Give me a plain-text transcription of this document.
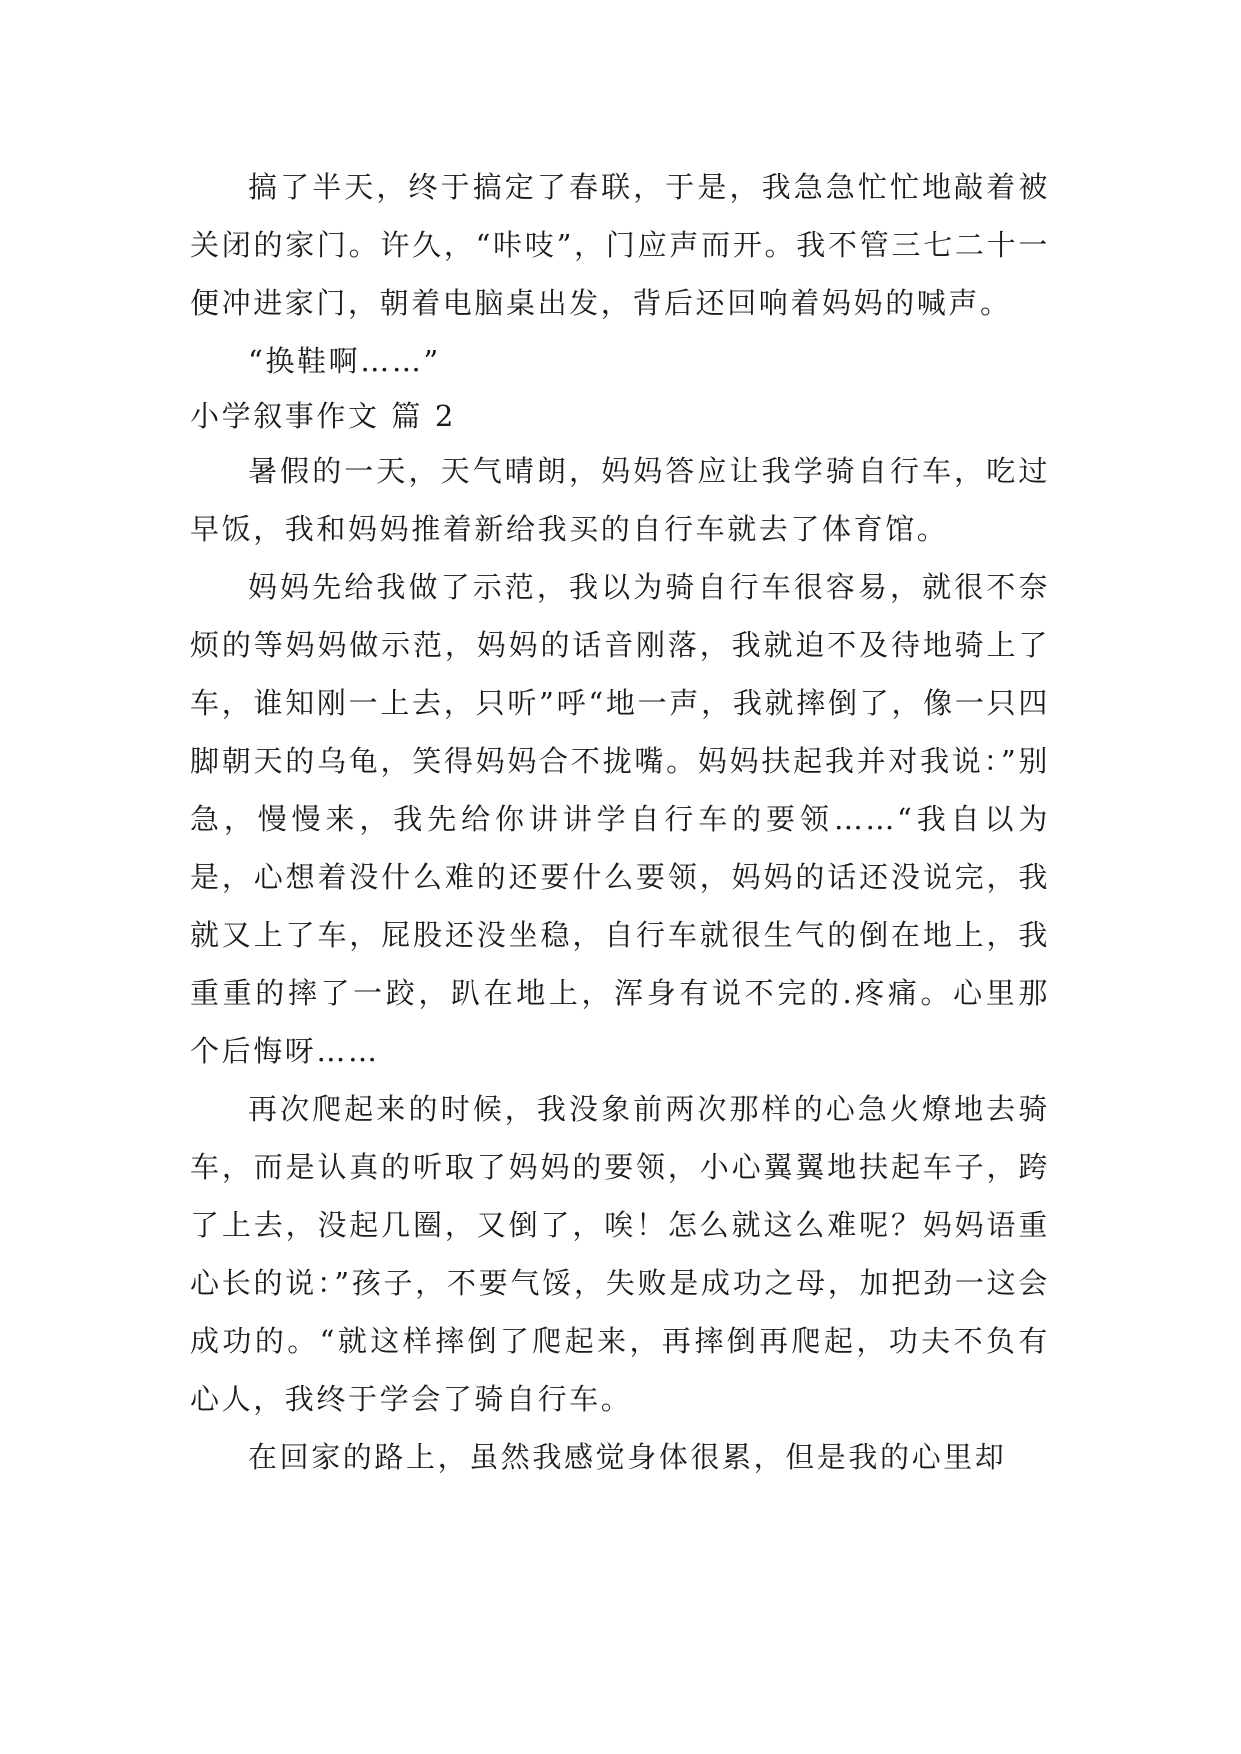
搞了半天，终于搞定了春联，于是，我急急忙忙地敲着被关闭的家门。许久，“咔吱”，门应声而开。我不管三七二十一便冲进家门，朝着电脑桌出发，背后还回响着妈妈的喊声。

“换鞋啊……”

小学叙事作文 篇 2

暑假的一天，天气晴朗，妈妈答应让我学骑自行车，吃过早饭，我和妈妈推着新给我买的自行车就去了体育馆。

妈妈先给我做了示范，我以为骑自行车很容易，就很不奈烦的等妈妈做示范，妈妈的话音刚落，我就迫不及待地骑上了车，谁知刚一上去，只听”呼“地一声，我就摔倒了，像一只四脚朝天的乌龟，笑得妈妈合不拢嘴。妈妈扶起我并对我说：”别急，慢慢来，我先给你讲讲学自行车的要领……“我自以为是，心想着没什么难的还要什么要领，妈妈的话还没说完，我就又上了车，屁股还没坐稳，自行车就很生气的倒在地上，我重重的摔了一跤，趴在地上，浑身有说不完的.疼痛。心里那个后悔呀……

再次爬起来的时候，我没象前两次那样的心急火燎地去骑车，而是认真的听取了妈妈的要领，小心翼翼地扶起车子，跨了上去，没起几圈，又倒了，唉！怎么就这么难呢？妈妈语重心长的说：”孩子，不要气馁，失败是成功之母，加把劲一这会成功的。“就这样摔倒了爬起来，再摔倒再爬起，功夫不负有心人，我终于学会了骑自行车。

在回家的路上，虽然我感觉身体很累，但是我的心里却
